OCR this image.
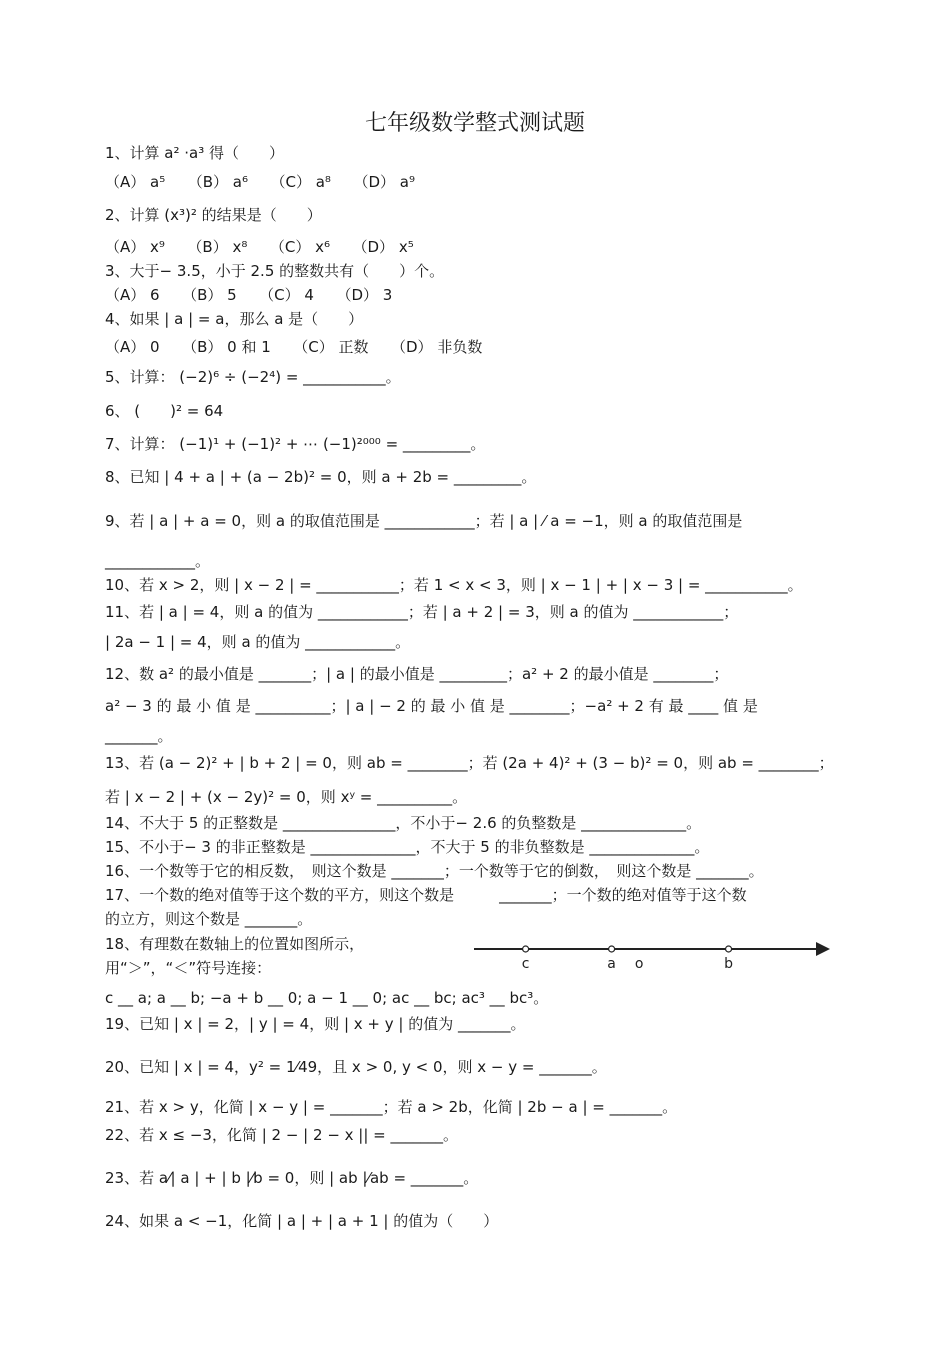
七年级数学整式测试题
1、计算 a² ·a³ 得（　　）
（A） a⁵　　（B） a⁶　　（C） a⁸　　（D） a⁹
2、计算 (x³)² 的结果是（　　）
（A） x⁹　　（B） x⁸　　（C） x⁶　　（D） x⁵
3、大于− 3.5，小于 2.5 的整数共有（　　）个。
（A） 6　　（B） 5　　（C） 4　　（D） 3
4、如果 | a | = a，那么 a 是（　　）
（A） 0　　（B） 0 和 1　　（C） 正数　　（D） 非负数
5、计算： (−2)⁶ ÷ (−2⁴) = ___________。
6、 (　　)² = 64
7、计算： (−1)¹ + (−1)² + ⋯ (−1)²⁰⁰⁰ = _________。
8、已知 | 4 + a | + (a − 2b)² = 0，则 a + 2b = _________。
9、若 | a | + a = 0，则 a 的取值范围是 ____________；若 | a | ⁄ a = −1，则 a 的取值范围是
____________。
10、若 x > 2，则 | x − 2 | = ___________；若 1 < x < 3，则 | x − 1 | + | x − 3 | = ___________。
11、若 | a | = 4，则 a 的值为 ____________；若 | a + 2 | = 3，则 a 的值为 ____________；
| 2a − 1 | = 4，则 a 的值为 ____________。
12、数 a² 的最小值是 _______；| a | 的最小值是 _________；a² + 2 的最小值是 ________；
a² − 3 的 最 小 值 是 __________；| a | − 2 的 最 小 值 是 ________；−a² + 2 有 最 ____ 值 是
_______。
13、若 (a − 2)² + | b + 2 | = 0，则 ab = ________；若 (2a + 4)² + (3 − b)² = 0，则 ab = ________；
若 | x − 2 | + (x − 2y)² = 0，则 xʸ = __________。
14、不大于 5 的正整数是 _______________，不小于− 2.6 的负整数是 ______________。
15、不小于− 3 的非正整数是 ______________，不大于 5 的非负整数是 ______________。
16、一个数等于它的相反数，　则这个数是 _______；一个数等于它的倒数，　则这个数是 _______。
17、一个数的绝对值等于这个数的平方，则这个数是　　　_______；一个数的绝对值等于这个数
的立方，则这个数是 _______。
18、有理数在数轴上的位置如图所示，
用“＞”，“＜”符号连接：
c __ a; a __ b; −a + b __ 0; a − 1 __ 0; ac __ bc; ac³ __ bc³。
c	a o	b
19、已知 | x | = 2，| y | = 4，则 | x + y | 的值为 _______。
20、已知 | x | = 4，y² = 1⁄49，且 x > 0, y < 0，则 x − y = _______。
21、若 x > y，化简 | x − y | = _______；若 a > 2b，化简 | 2b − a | = _______。
22、若 x ≤ −3，化简 | 2 − | 2 − x || = _______。
23、若 a⁄| a | + | b |⁄b = 0，则 | ab |⁄ab = _______。
24、如果 a < −1，化简 | a | + | a + 1 | 的值为（　　）
